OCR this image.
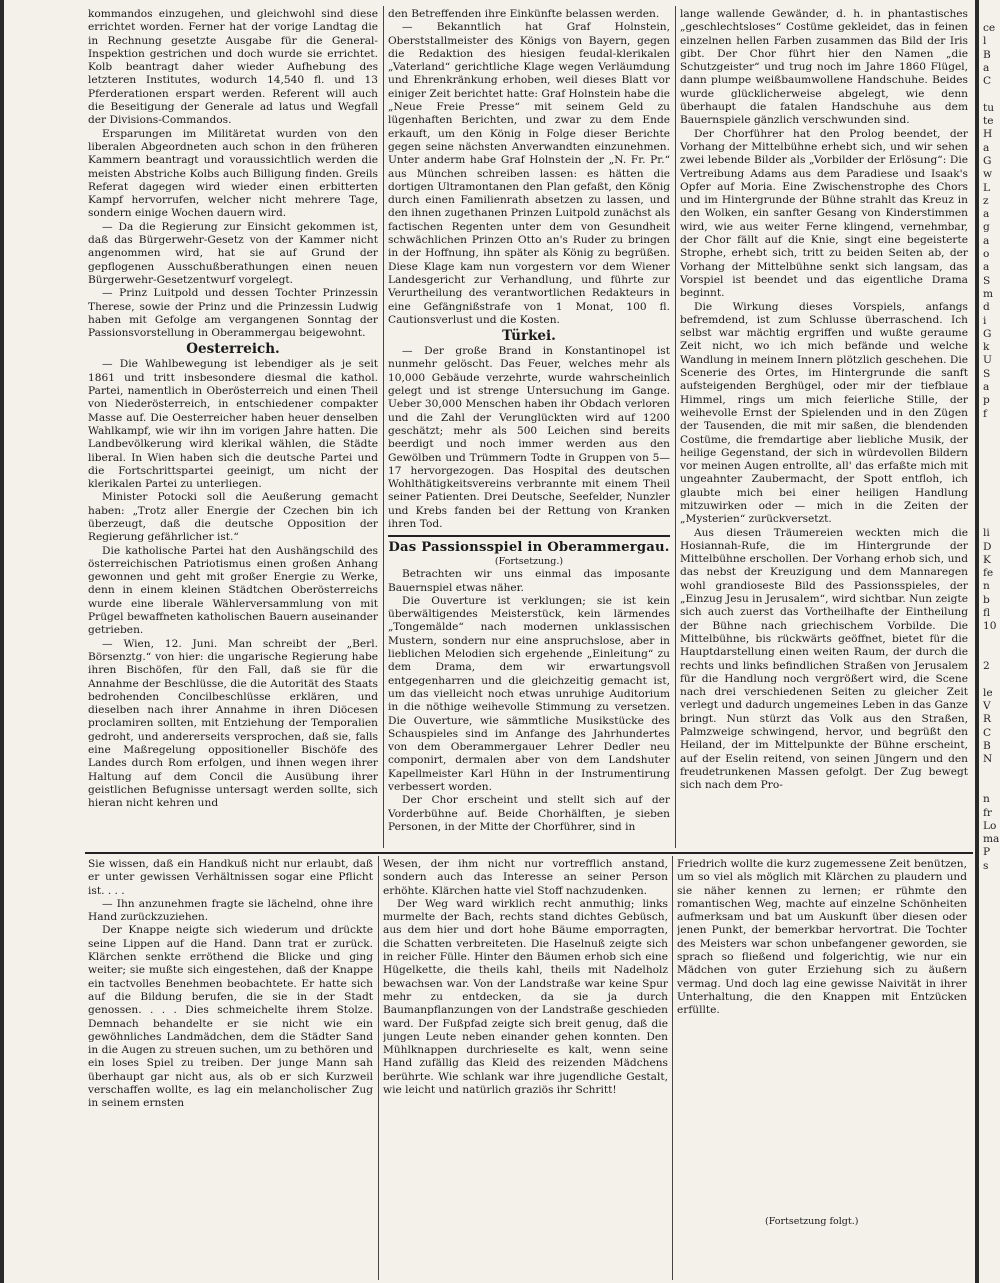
kommandos einzugehen, und gleichwohl sind diese errichtet worden. Ferner hat der vorige Landtag die in Rechnung gesetzte Ausgabe für die General-Inspektion gestrichen und doch wurde sie errichtet. Kolb beantragt daher wieder Aufhebung des letzteren Institutes, wodurch 14,540 fl. und 13 Pferderationen erspart werden. Referent will auch die Beseitigung der Generale ad latus und Wegfall der Divisions-Commandos.

Ersparungen im Militäretat wurden von den liberalen Abgeordneten auch schon in den früheren Kammern beantragt und voraussichtlich werden die meisten Abstriche Kolbs auch Billigung finden. Greils Referat dagegen wird wieder einen erbitterten Kampf hervorrufen, welcher nicht mehrere Tage, sondern einige Wochen dauern wird.

— Da die Regierung zur Einsicht gekommen ist, daß das Bürgerwehr-Gesetz von der Kammer nicht angenommen wird, hat sie auf Grund der gepflogenen Ausschußberathungen einen neuen Bürgerwehr-Gesetzentwurf vorgelegt.

— Prinz Luitpold und dessen Tochter Prinzessin Therese, sowie der Prinz und die Prinzessin Ludwig haben mit Gefolge am vergangenen Sonntag der Passionsvorstellung in Oberammergau beigewohnt.

Oesterreich.

— Die Wahlbewegung ist lebendiger als je seit 1861 und tritt insbesondere diesmal die kathol. Partei, namentlich in Oberösterreich und einen Theil von Niederösterreich, in entschiedener compakter Masse auf. Die Oesterreicher haben heuer denselben Wahlkampf, wie wir ihn im vorigen Jahre hatten. Die Landbevölkerung wird klerikal wählen, die Städte liberal. In Wien haben sich die deutsche Partei und die Fortschrittspartei geeinigt, um nicht der klerikalen Partei zu unterliegen.

Minister Potocki soll die Aeußerung gemacht haben: „Trotz aller Energie der Czechen bin ich überzeugt, daß die deutsche Opposition der Regierung gefährlicher ist.“

Die katholische Partei hat den Aushängschild des österreichischen Patriotismus einen großen Anhang gewonnen und geht mit großer Energie zu Werke, denn in einem kleinen Städtchen Oberösterreichs wurde eine liberale Wählerversammlung von mit Prügel bewaffneten katholischen Bauern auseinander getrieben.

— Wien, 12. Juni. Man schreibt der „Berl. Börsenztg.“ von hier: die ungarische Regierung habe ihren Bischöfen, für den Fall, daß sie für die Annahme der Beschlüsse, die die Autorität des Staats bedrohenden Concilbeschlüsse erklären, und dieselben nach ihrer Annahme in ihren Diöcesen proclamiren sollten, mit Entziehung der Temporalien gedroht, und andererseits versprochen, daß sie, falls eine Maßregelung oppositioneller Bischöfe des Landes durch Rom erfolgen, und ihnen wegen ihrer Haltung auf dem Concil die Ausübung ihrer geistlichen Befugnisse untersagt werden sollte, sich hieran nicht kehren und

den Betreffenden ihre Einkünfte belassen werden.

— Bekanntlich hat Graf Holnstein, Oberststallmeister des Königs von Bayern, gegen die Redaktion des hiesigen feudal-klerikalen „Vaterland“ gerichtliche Klage wegen Verläumdung und Ehrenkränkung erhoben, weil dieses Blatt vor einiger Zeit berichtet hatte: Graf Holnstein habe die „Neue Freie Presse“ mit seinem Geld zu lügenhaften Berichten, und zwar zu dem Ende erkauft, um den König in Folge dieser Berichte gegen seine nächsten Anverwandten einzunehmen. Unter anderm habe Graf Holnstein der „N. Fr. Pr.“ aus München schreiben lassen: es hätten die dortigen Ultramontanen den Plan gefaßt, den König durch einen Familienrath absetzen zu lassen, und den ihnen zugethanen Prinzen Luitpold zunächst als factischen Regenten unter dem von Gesundheit schwächlichen Prinzen Otto an's Ruder zu bringen in der Hoffnung, ihn später als König zu begrüßen. Diese Klage kam nun vorgestern vor dem Wiener Landesgericht zur Verhandlung, und führte zur Verurtheilung des verantwortlichen Redakteurs in eine Gefängnißstrafe von 1 Monat, 100 fl. Cautionsverlust und die Kosten.

Türkei.

— Der große Brand in Konstantinopel ist nunmehr gelöscht. Das Feuer, welches mehr als 10,000 Gebäude verzehrte, wurde wahrscheinlich gelegt und ist strenge Untersuchung im Gange. Ueber 30,000 Menschen haben ihr Obdach verloren und die Zahl der Verunglückten wird auf 1200 geschätzt; mehr als 500 Leichen sind bereits beerdigt und noch immer werden aus den Gewölben und Trümmern Todte in Gruppen von 5—17 hervorgezogen. Das Hospital des deutschen Wohlthätigkeitsvereins verbrannte mit einem Theil seiner Patienten. Drei Deutsche, Seefelder, Nunzler und Krebs fanden bei der Rettung von Kranken ihren Tod.

Das Passionsspiel in Oberammergau.

(Fortsetzung.)

Betrachten wir uns einmal das imposante Bauernspiel etwas näher.

Die Ouverture ist verklungen; sie ist kein überwältigendes Meisterstück, kein lärmendes „Tongemälde“ nach modernen unklassischen Mustern, sondern nur eine anspruchslose, aber in lieblichen Melodien sich ergehende „Einleitung“ zu dem Drama, dem wir erwartungsvoll entgegenharren und die gleichzeitig gemacht ist, um das vielleicht noch etwas unruhige Auditorium in die nöthige weihevolle Stimmung zu versetzen. Die Ouverture, wie sämmtliche Musikstücke des Schauspieles sind im Anfange des Jahrhundertes von dem Oberammergauer Lehrer Dedler neu componirt, dermalen aber von dem Landshuter Kapellmeister Karl Hühn in der Instrumentirung verbessert worden.

Der Chor erscheint und stellt sich auf der Vorderbühne auf. Beide Chorhälften, je sieben Personen, in der Mitte der Chorführer, sind in

lange wallende Gewänder, d. h. in phantastisches „geschlechtsloses“ Costüme gekleidet, das in feinen einzelnen hellen Farben zusammen das Bild der Iris gibt. Der Chor führt hier den Namen „die Schutzgeister“ und trug noch im Jahre 1860 Flügel, dann plumpe weißbaumwollene Handschuhe. Beides wurde glücklicherweise abgelegt, wie denn überhaupt die fatalen Handschuhe aus dem Bauernspiele gänzlich verschwunden sind.

Der Chorführer hat den Prolog beendet, der Vorhang der Mittelbühne erhebt sich, und wir sehen zwei lebende Bilder als „Vorbilder der Erlösung“: Die Vertreibung Adams aus dem Paradiese und Isaak's Opfer auf Moria. Eine Zwischenstrophe des Chors und im Hintergrunde der Bühne strahlt das Kreuz in den Wolken, ein sanfter Gesang von Kinderstimmen wird, wie aus weiter Ferne klingend, vernehmbar, der Chor fällt auf die Knie, singt eine begeisterte Strophe, erhebt sich, tritt zu beiden Seiten ab, der Vorhang der Mittelbühne senkt sich langsam, das Vorspiel ist beendet und das eigentliche Drama beginnt.

Die Wirkung dieses Vorspiels, anfangs befremdend, ist zum Schlusse überraschend. Ich selbst war mächtig ergriffen und wußte geraume Zeit nicht, wo ich mich befände und welche Wandlung in meinem Innern plötzlich geschehen. Die Scenerie des Ortes, im Hintergrunde die sanft aufsteigenden Berghügel, oder mir der tiefblaue Himmel, rings um mich feierliche Stille, der weihevolle Ernst der Spielenden und in den Zügen der Tausenden, die mit mir saßen, die blendenden Costüme, die fremdartige aber liebliche Musik, der heilige Gegenstand, der sich in würdevollen Bildern vor meinen Augen entrollte, all' das erfaßte mich mit ungeahnter Zaubermacht, der Spott entfloh, ich glaubte mich bei einer heiligen Handlung mitzuwirken oder — mich in die Zeiten der „Mysterien“ zurückversetzt.

Aus diesen Träumereien weckten mich die Hosiannah-Rufe, die im Hintergrunde der Mittelbühne erschollen. Der Vorhang erhob sich, und das nebst der Kreuzigung und dem Mannaregen wohl grandioseste Bild des Passionsspieles, der „Einzug Jesu in Jerusalem“, wird sichtbar. Nun zeigte sich auch zuerst das Vortheilhafte der Eintheilung der Bühne nach griechischem Vorbilde. Die Mittelbühne, bis rückwärts geöffnet, bietet für die Hauptdarstellung einen weiten Raum, der durch die rechts und links befindlichen Straßen von Jerusalem für die Handlung noch vergrößert wird, die Scene nach drei verschiedenen Seiten zu gleicher Zeit verlegt und dadurch ungemeines Leben in das Ganze bringt. Nun stürzt das Volk aus den Straßen, Palmzweige schwingend, hervor, und begrüßt den Heiland, der im Mittelpunkte der Bühne erscheint, auf der Eselin reitend, von seinen Jüngern und den freudetrunkenen Massen gefolgt. Der Zug bewegt sich nach dem Pro-

Sie wissen, daß ein Handkuß nicht nur erlaubt, daß er unter gewissen Verhältnissen sogar eine Pflicht ist. . . .

— Ihn anzunehmen fragte sie lächelnd, ohne ihre Hand zurückzuziehen.

Der Knappe neigte sich wiederum und drückte seine Lippen auf die Hand. Dann trat er zurück. Klärchen senkte erröthend die Blicke und ging weiter; sie mußte sich eingestehen, daß der Knappe ein tactvolles Benehmen beobachtete. Er hatte sich auf die Bildung berufen, die sie in der Stadt genossen. . . . Dies schmeichelte ihrem Stolze. Demnach behandelte er sie nicht wie ein gewöhnliches Landmädchen, dem die Städter Sand in die Augen zu streuen suchen, um zu bethören und ein loses Spiel zu treiben. Der junge Mann sah überhaupt gar nicht aus, als ob er sich Kurzweil verschaffen wollte, es lag ein melancholischer Zug in seinem ernsten

Wesen, der ihm nicht nur vortrefflich anstand, sondern auch das Interesse an seiner Person erhöhte. Klärchen hatte viel Stoff nachzudenken.

Der Weg ward wirklich recht anmuthig; links murmelte der Bach, rechts stand dichtes Gebüsch, aus dem hier und dort hohe Bäume emporragten, die Schatten verbreiteten. Die Haselnuß zeigte sich in reicher Fülle. Hinter den Bäumen erhob sich eine Hügelkette, die theils kahl, theils mit Nadelholz bewachsen war. Von der Landstraße war keine Spur mehr zu entdecken, da sie ja durch Baumanpflanzungen von der Landstraße geschieden ward. Der Fußpfad zeigte sich breit genug, daß die jungen Leute neben einander gehen konnten. Den Mühlknappen durchrieselte es kalt, wenn seine Hand zufällig das Kleid des reizenden Mädchens berührte. Wie schlank war ihre jugendliche Gestalt, wie leicht und natürlich graziös ihr Schritt!

Friedrich wollte die kurz zugemessene Zeit benützen, um so viel als möglich mit Klärchen zu plaudern und sie näher kennen zu lernen; er rühmte den romantischen Weg, machte auf einzelne Schönheiten aufmerksam und bat um Auskunft über diesen oder jenen Punkt, der bemerkbar hervortrat. Die Tochter des Meisters war schon unbefangener geworden, sie sprach so fließend und folgerichtig, wie nur ein Mädchen von guter Erziehung sich zu äußern vermag. Und doch lag eine gewisse Naivität in ihrer Unterhaltung, die den Knappen mit Entzücken erfüllte.

(Fortsetzung folgt.)
ce
l
B
a
C
tu
te
H
a
G
w
L
z
a
g
a
o
a
S
m
d
i
G
k
U
S
a
p
f
li
D
K
fe
n
b
fl
10
2
le
V
R
C
B
N
n
fr
Lo
ma
P
s
